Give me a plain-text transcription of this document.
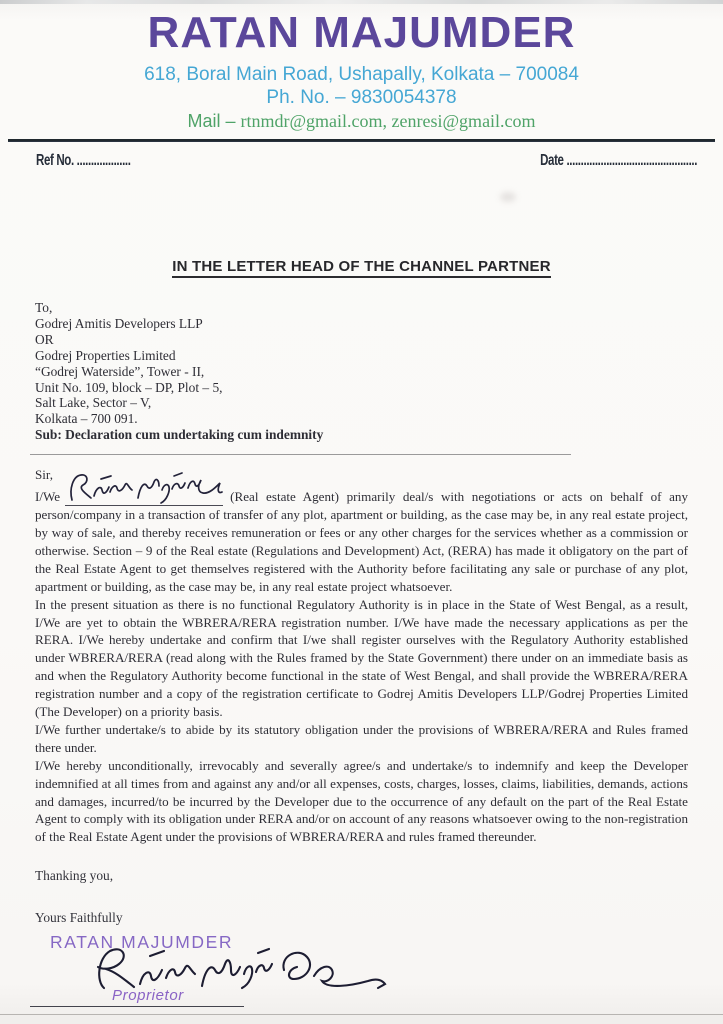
RATAN MAJUMDER
618, Boral Main Road, Ushapally, Kolkata – 700084
Ph. No. – 9830054378
Mail – rtnmdr@gmail.com, zenresi@gmail.com
Ref No. ...................	Date ..............................................
IN THE LETTER HEAD OF THE CHANNEL PARTNER
To,
Godrej Amitis Developers LLP
OR
Godrej Properties Limited
“Godrej Waterside”, Tower - II,
Unit No. 109, block – DP, Plot – 5,
Salt Lake, Sector – V,
Kolkata – 700 091.
Sub: Declaration cum undertaking cum indemnity

Sir,

I/We	(Real estate Agent) primarily deal/s with negotiations or acts on behalf of any person/company in a transaction of transfer of any plot, apartment or building, as the case may be, in any real estate project, by way of sale, and thereby receives remuneration or fees or any other charges for the services whether as a commission or otherwise. Section – 9 of the Real estate (Regulations and Development) Act, (RERA) has made it obligatory on the part of the Real Estate Agent to get themselves registered with the Authority before facilitating any sale or purchase of any plot, apartment or building, as the case may be, in any real estate project whatsoever.

In the present situation as there is no functional Regulatory Authority is in place in the State of West Bengal, as a result, I/We are yet to obtain the WBRERA/RERA registration number. I/We have made the necessary applications as per the RERA. I/We hereby undertake and confirm that I/we shall register ourselves with the Regulatory Authority established under WBRERA/RERA (read along with the Rules framed by the State Government) there under on an immediate basis as and when the Regulatory Authority become functional in the state of West Bengal, and shall provide the WBRERA/RERA registration number and a copy of the registration certificate to Godrej Amitis Developers LLP/Godrej Properties Limited (The Developer) on a priority basis.

I/We further undertake/s to abide by its statutory obligation under the provisions of WBRERA/RERA and Rules framed there under.

I/We hereby unconditionally, irrevocably and severally agree/s and undertake/s to indemnify and keep the Developer indemnified at all times from and against any and/or all expenses, costs, charges, losses, claims, liabilities, demands, actions and damages, incurred/to be incurred by the Developer due to the occurrence of any default on the part of the Real Estate Agent to comply with its obligation under RERA and/or on account of any reasons whatsoever owing to the non-registration of the Real Estate Agent under the provisions of WBRERA/RERA and rules framed thereunder.

Thanking you,
Yours Faithfully
RATAN MAJUMDER
Proprietor
